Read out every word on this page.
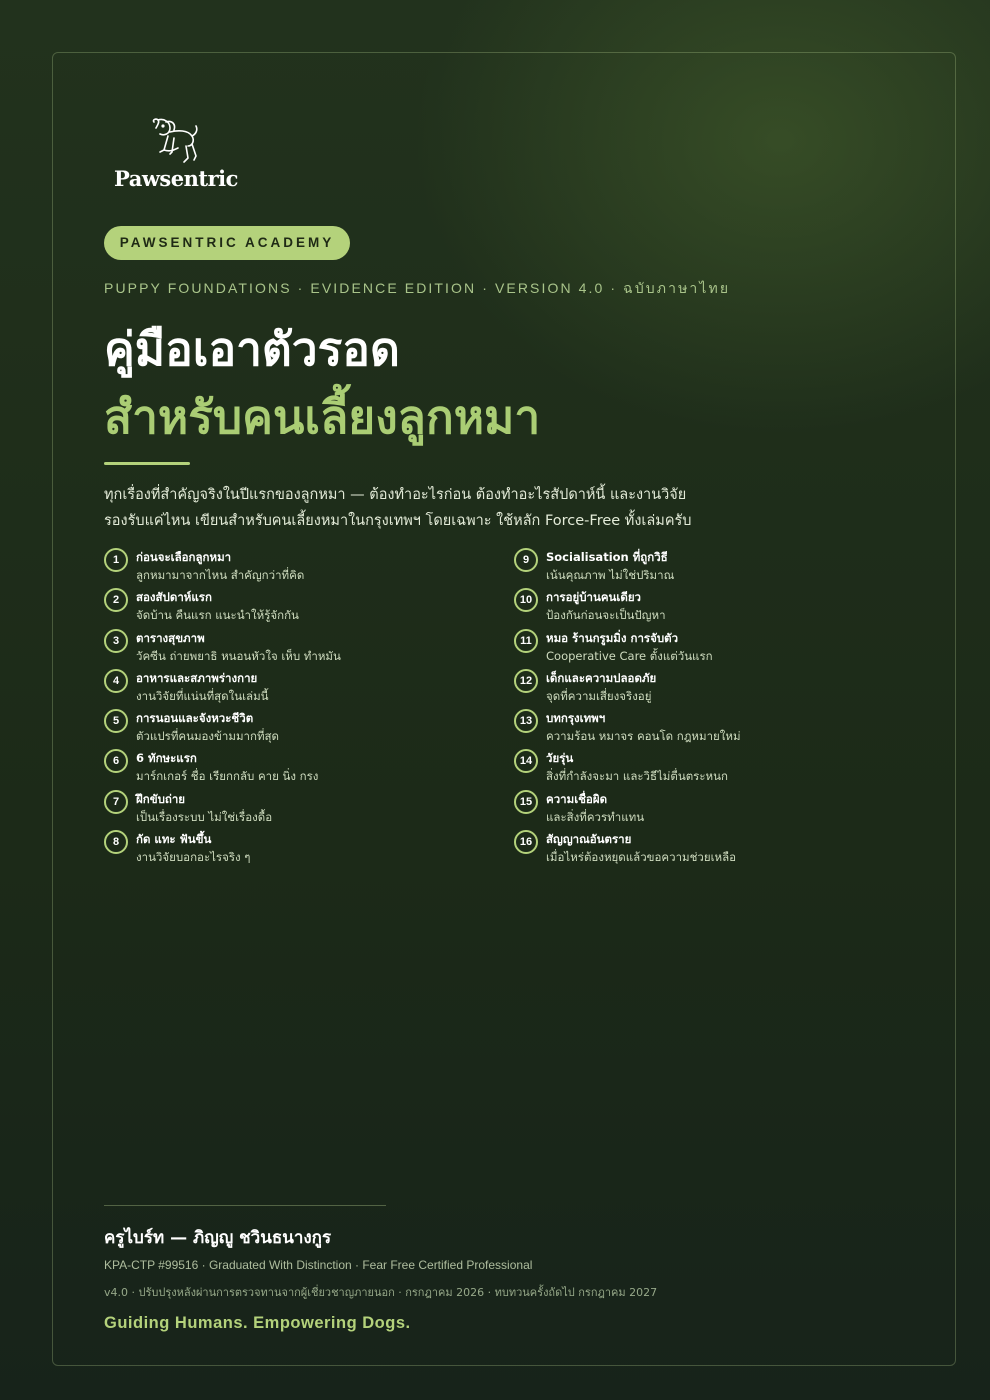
Pawsentric
PAWSENTRIC ACADEMY
PUPPY FOUNDATIONS · EVIDENCE EDITION · VERSION 4.0 · ฉบับภาษาไทย
คู่มือเอาตัวรอด
สำหรับคนเลี้ยงลูกหมา
ทุกเรื่องที่สำคัญจริงในปีแรกของลูกหมา — ต้องทำอะไรก่อน ต้องทำอะไรสัปดาห์นี้ และงานวิจัย
รองรับแค่ไหน เขียนสำหรับคนเลี้ยงหมาในกรุงเทพฯ โดยเฉพาะ ใช้หลัก Force-Free ทั้งเล่มครับ
1	ก่อนจะเลือกลูกหมา
ลูกหมามาจากไหน สำคัญกว่าที่คิด
2	สองสัปดาห์แรก
จัดบ้าน คืนแรก แนะนำให้รู้จักกัน
3	ตารางสุขภาพ
วัคซีน ถ่ายพยาธิ หนอนหัวใจ เห็บ ทำหมัน
4	อาหารและสภาพร่างกาย
งานวิจัยที่แน่นที่สุดในเล่มนี้
5	การนอนและจังหวะชีวิต
ตัวแปรที่คนมองข้ามมากที่สุด
6	6 ทักษะแรก
มาร์กเกอร์ ชื่อ เรียกกลับ คาย นิ่ง กรง
7	ฝึกขับถ่าย
เป็นเรื่องระบบ ไม่ใช่เรื่องดื้อ
8	กัด แทะ ฟันขึ้น
งานวิจัยบอกอะไรจริง ๆ
9	Socialisation ที่ถูกวิธี
เน้นคุณภาพ ไม่ใช่ปริมาณ
10	การอยู่บ้านคนเดียว
ป้องกันก่อนจะเป็นปัญหา
11	หมอ ร้านกรูมมิ่ง การจับตัว
Cooperative Care ตั้งแต่วันแรก
12	เด็กและความปลอดภัย
จุดที่ความเสี่ยงจริงอยู่
13	บทกรุงเทพฯ
ความร้อน หมาจร คอนโด กฎหมายใหม่
14	วัยรุ่น
สิ่งที่กำลังจะมา และวิธีไม่ตื่นตระหนก
15	ความเชื่อผิด
และสิ่งที่ควรทำแทน
16	สัญญาณอันตราย
เมื่อไหร่ต้องหยุดแล้วขอความช่วยเหลือ
ครูไบร์ท — ภิญญู ชวินธนางกูร
KPA-CTP #99516 · Graduated With Distinction · Fear Free Certified Professional
v4.0 · ปรับปรุงหลังผ่านการตรวจทานจากผู้เชี่ยวชาญภายนอก · กรกฎาคม 2026 · ทบทวนครั้งถัดไป กรกฎาคม 2027
Guiding Humans. Empowering Dogs.
